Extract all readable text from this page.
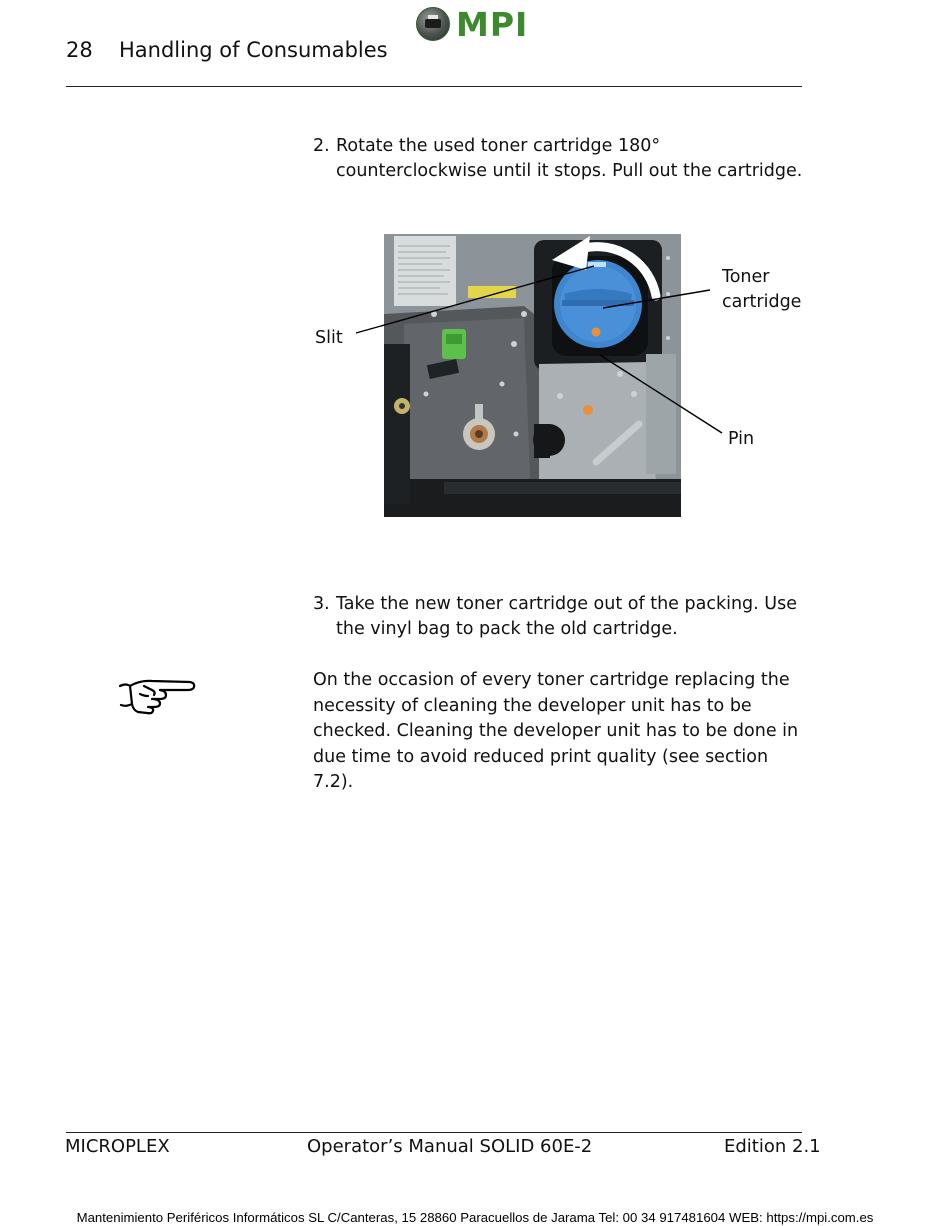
MPI
28 Handling of Consumables
2. Rotate the used toner cartridge 180° counterclockwise until it stops. Pull out the cartridge.
Slit
Toner
cartridge
Pin
3. Take the new toner cartridge out of the packing. Use the vinyl bag to pack the old cartridge.
On the occasion of every toner cartridge replacing the necessity of cleaning the developer unit has to be checked. Cleaning the developer unit has to be done in due time to avoid reduced print quality (see section 7.2).
MICROPLEX	Operator’s Manual SOLID 60E-2	Edition 2.1
Mantenimiento Periféricos Informáticos SL C/Canteras, 15 28860 Paracuellos de Jarama Tel: 00 34 917481604 WEB: https://mpi.com.es
